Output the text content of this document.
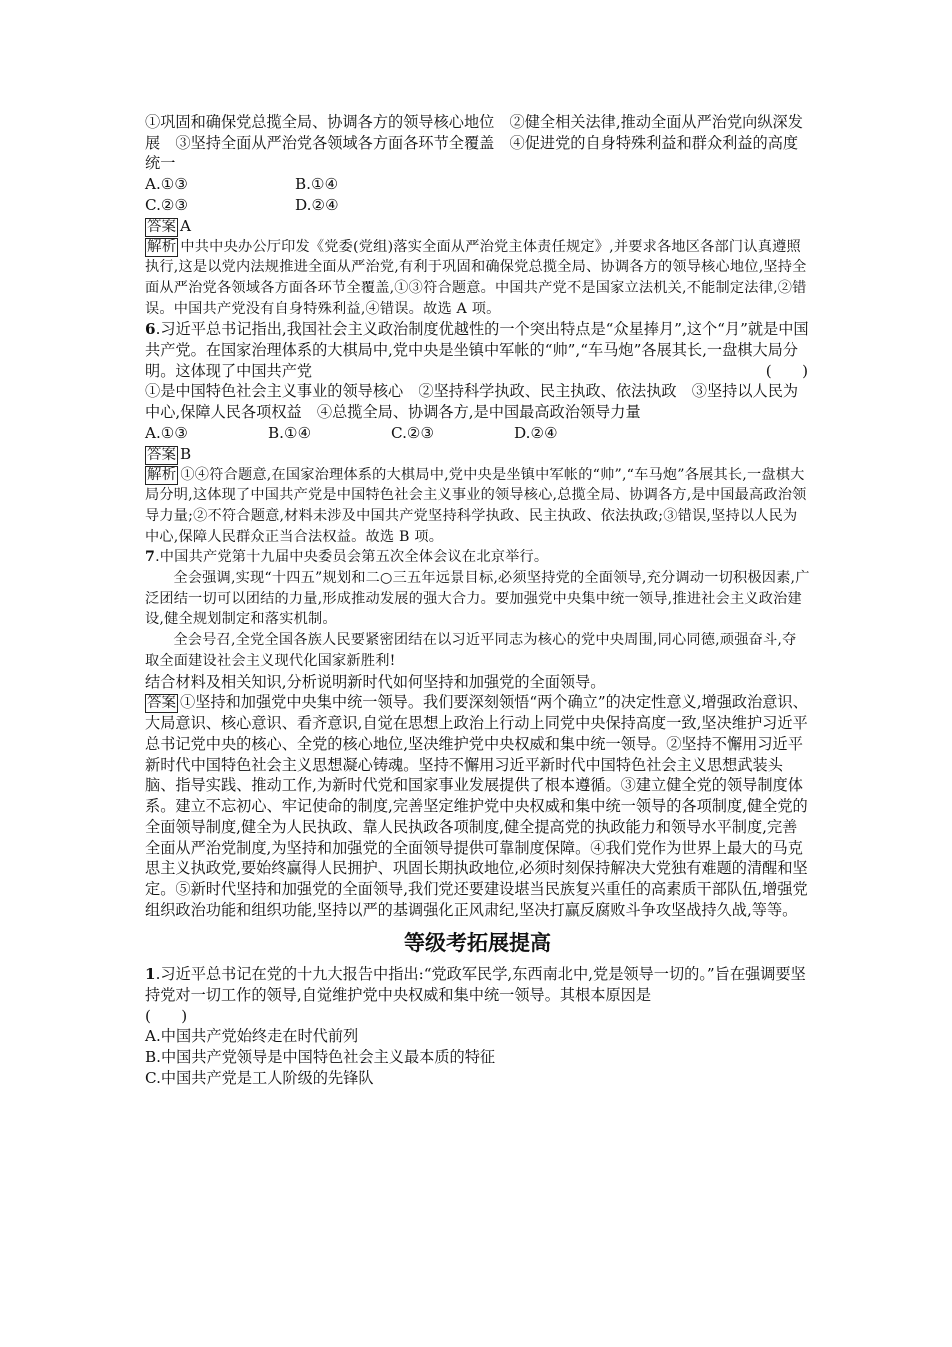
①巩固和确保党总揽全局、协调各方的领导核心地位　②健全相关法律,推动全面从严治党向纵深发展　③坚持全面从严治党各领域各方面各环节全覆盖　④促进党的自身特殊利益和群众利益的高度统一

A.①③	B.①④
C.②③	D.②④

答案 A

解析 中共中央办公厅印发《党委(党组)落实全面从严治党主体责任规定》,并要求各地区各部门认真遵照执行,这是以党内法规推进全面从严治党,有利于巩固和确保党总揽全局、协调各方的领导核心地位,坚持全面从严治党各领域各方面各环节全覆盖,①③符合题意。中国共产党不是国家立法机关,不能制定法律,②错误。中国共产党没有自身特殊利益,④错误。故选 A 项。

6.习近平总书记指出,我国社会主义政治制度优越性的一个突出特点是“众星捧月”,这个“月”就是中国共产党。在国家治理体系的大棋局中,党中央是坐镇中军帐的“帅”,“车马炮”各展其长,一盘棋大局分明。这体现了中国共产党	(　　)

①是中国特色社会主义事业的领导核心　②坚持科学执政、民主执政、依法执政　③坚持以人民为中心,保障人民各项权益　④总揽全局、协调各方,是中国最高政治领导力量

A.①③	B.①④	C.②③	D.②④

答案 B

解析 ①④符合题意,在国家治理体系的大棋局中,党中央是坐镇中军帐的“帅”,“车马炮”各展其长,一盘棋大局分明,这体现了中国共产党是中国特色社会主义事业的领导核心,总揽全局、协调各方,是中国最高政治领导力量;②不符合题意,材料未涉及中国共产党坚持科学执政、民主执政、依法执政;③错误,坚持以人民为中心,保障人民群众正当合法权益。故选 B 项。

7.中国共产党第十九届中央委员会第五次全体会议在北京举行。

全会强调,实现“十四五”规划和二○三五年远景目标,必须坚持党的全面领导,充分调动一切积极因素,广泛团结一切可以团结的力量,形成推动发展的强大合力。要加强党中央集中统一领导,推进社会主义政治建设,健全规划制定和落实机制。

全会号召,全党全国各族人民要紧密团结在以习近平同志为核心的党中央周围,同心同德,顽强奋斗,夺取全面建设社会主义现代化国家新胜利!

结合材料及相关知识,分析说明新时代如何坚持和加强党的全面领导。

答案 ①坚持和加强党中央集中统一领导。我们要深刻领悟“两个确立”的决定性意义,增强政治意识、大局意识、核心意识、看齐意识,自觉在思想上政治上行动上同党中央保持高度一致,坚决维护习近平总书记党中央的核心、全党的核心地位,坚决维护党中央权威和集中统一领导。②坚持不懈用习近平新时代中国特色社会主义思想凝心铸魂。坚持不懈用习近平新时代中国特色社会主义思想武装头脑、指导实践、推动工作,为新时代党和国家事业发展提供了根本遵循。③建立健全党的领导制度体系。建立不忘初心、牢记使命的制度,完善坚定维护党中央权威和集中统一领导的各项制度,健全党的全面领导制度,健全为人民执政、靠人民执政各项制度,健全提高党的执政能力和领导水平制度,完善全面从严治党制度,为坚持和加强党的全面领导提供可靠制度保障。④我们党作为世界上最大的马克思主义执政党,要始终赢得人民拥护、巩固长期执政地位,必须时刻保持解决大党独有难题的清醒和坚定。⑤新时代坚持和加强党的全面领导,我们党还要建设堪当民族复兴重任的高素质干部队伍,增强党组织政治功能和组织功能,坚持以严的基调强化正风肃纪,坚决打赢反腐败斗争攻坚战持久战,等等。

等级考拓展提高

1.习近平总书记在党的十九大报告中指出:“党政军民学,东西南北中,党是领导一切的。”旨在强调要坚持党对一切工作的领导,自觉维护党中央权威和集中统一领导。其根本原因是

(　　)

A.中国共产党始终走在时代前列

B.中国共产党领导是中国特色社会主义最本质的特征

C.中国共产党是工人阶级的先锋队
